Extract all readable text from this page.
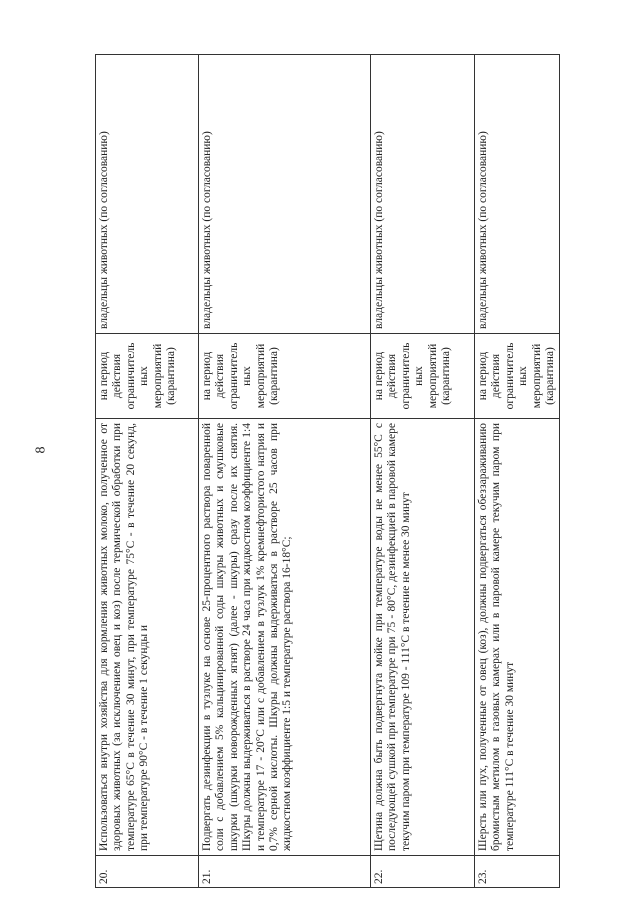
8
20.	Использоваться внутри хозяйства для кормления животных молоко, полученное от здоровых животных (за исключением овец и коз) после термической обработки при температуре 65°C в течение 30 минут, при температуре 75°C - в течение 20 секунд, при температуре 90°C - в течение 1 секунды и	на период действия ограничитель ных мероприятий (карантина)	владельцы животных (по согласованию)
21.	Подвергать дезинфекции в тузлуке на основе 25-процентного раствора поваренной соли с добавлением 5% кальцинированной соды шкуры животных и смушковые шкурки (шкурки новорожденных ягнят) (далее - шкуры) сразу после их снятия. Шкуры должны выдерживаться в растворе 24 часа при жидкостном коэффициенте 1:4 и температуре 17 - 20°C или с добавлением в тузлук 1% кремнефтористого натрия и 0,7% серной кислоты. Шкуры должны выдерживаться в растворе 25 часов при жидкостном коэффициенте 1:5 и температуре раствора 16-18°C;	на период действия ограничитель ных мероприятий (карантина)	владельцы животных (по согласованию)
22.	Щетина должна быть подвергнута мойке при температуре воды не менее 55°C с последующей сушкой при температуре при 75 - 80°C, дезинфекцией в паровой камере текучим паром при температуре 109 - 111°C в течение не менее 30 минут	на период действия ограничитель ных мероприятий (карантина)	владельцы животных (по согласованию)
23.	Шерсть или пух, полученные от овец (коз), должны подвергаться обеззараживанию бромистым метилом в газовых камерах или в паровой камере текучим паром при температуре 111°C в течение 30 минут	на период действия ограничитель ных мероприятий (карантина)	владельцы животных (по согласованию)
